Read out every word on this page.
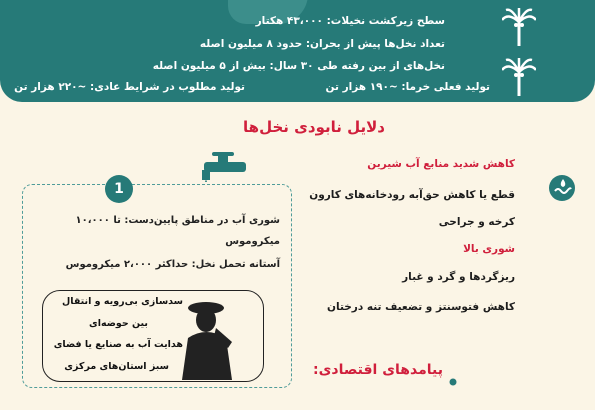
سطح زیرکشت نخیلات: ۴۳،۰۰۰ هکتار
تعداد نخل‌ها پیش از بحران: حدود ۸ میلیون اصله
نخل‌های از بین رفته طی ۳۰ سال: بیش از ۵ میلیون اصله
تولید فعلی خرما: ~۱۹۰ هزار تن
تولید مطلوب در شرایط عادی: ~۲۲۰ هزار تن
دلایل نابودی نخل‌ها
کاهش شدید منابع آب شیرین
قطع یا کاهش حق‌آبه رودخانه‌های کارون
کرخه و جراحی
شوری بالا
ریزگردها و گرد و غبار
کاهش فتوسنتز و تضعیف تنه درختان
1
شوری آب در مناطق پایین‌دست: تا ۱۰،۰۰۰
میکروموس
آستانه تحمل نخل: حداکثر ۲،۰۰۰ میکروموس
سدسازی بی‌رویه و انتقال
بین حوضه‌ای
هدایت آب به صنایع یا فضای
سبز استان‌های مرکزی	پیامدهای اقتصادی:
